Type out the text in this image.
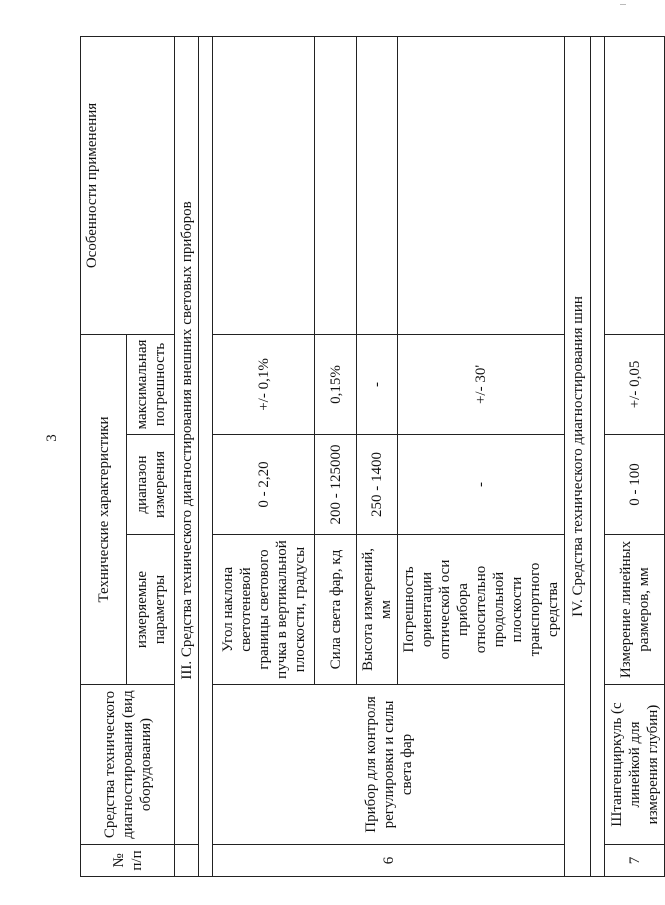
3
№ п/п	Средства технического диагностирования (вид оборудования)	Технические характеристики			Особенности применения
		измеряемые параметры	диапазон измерения	максимальная погрешность	
	III. Средства технического диагностирования внешних световых приборов				

6	Прибор для контроля регулировки и силы света фар	Угол наклона светотеневой границы светового пучка в вертикальной плоскости, градусы	0 - 2,20	+/- 0,1%	
		Сила света фар, кд	200 - 125000	0,15%	
		Высота измерений, мм	250 - 1400	-	
		Погрешность ориентации оптической оси прибора относительно продольной плоскости транспортного средства	-	+/- 30'	
IV. Средства технического диагностирования шин					

7	Штангенциркуль (с линейкой для измерения глубин)	Измерение линейных размеров, мм	0 - 100	+/- 0,05	
